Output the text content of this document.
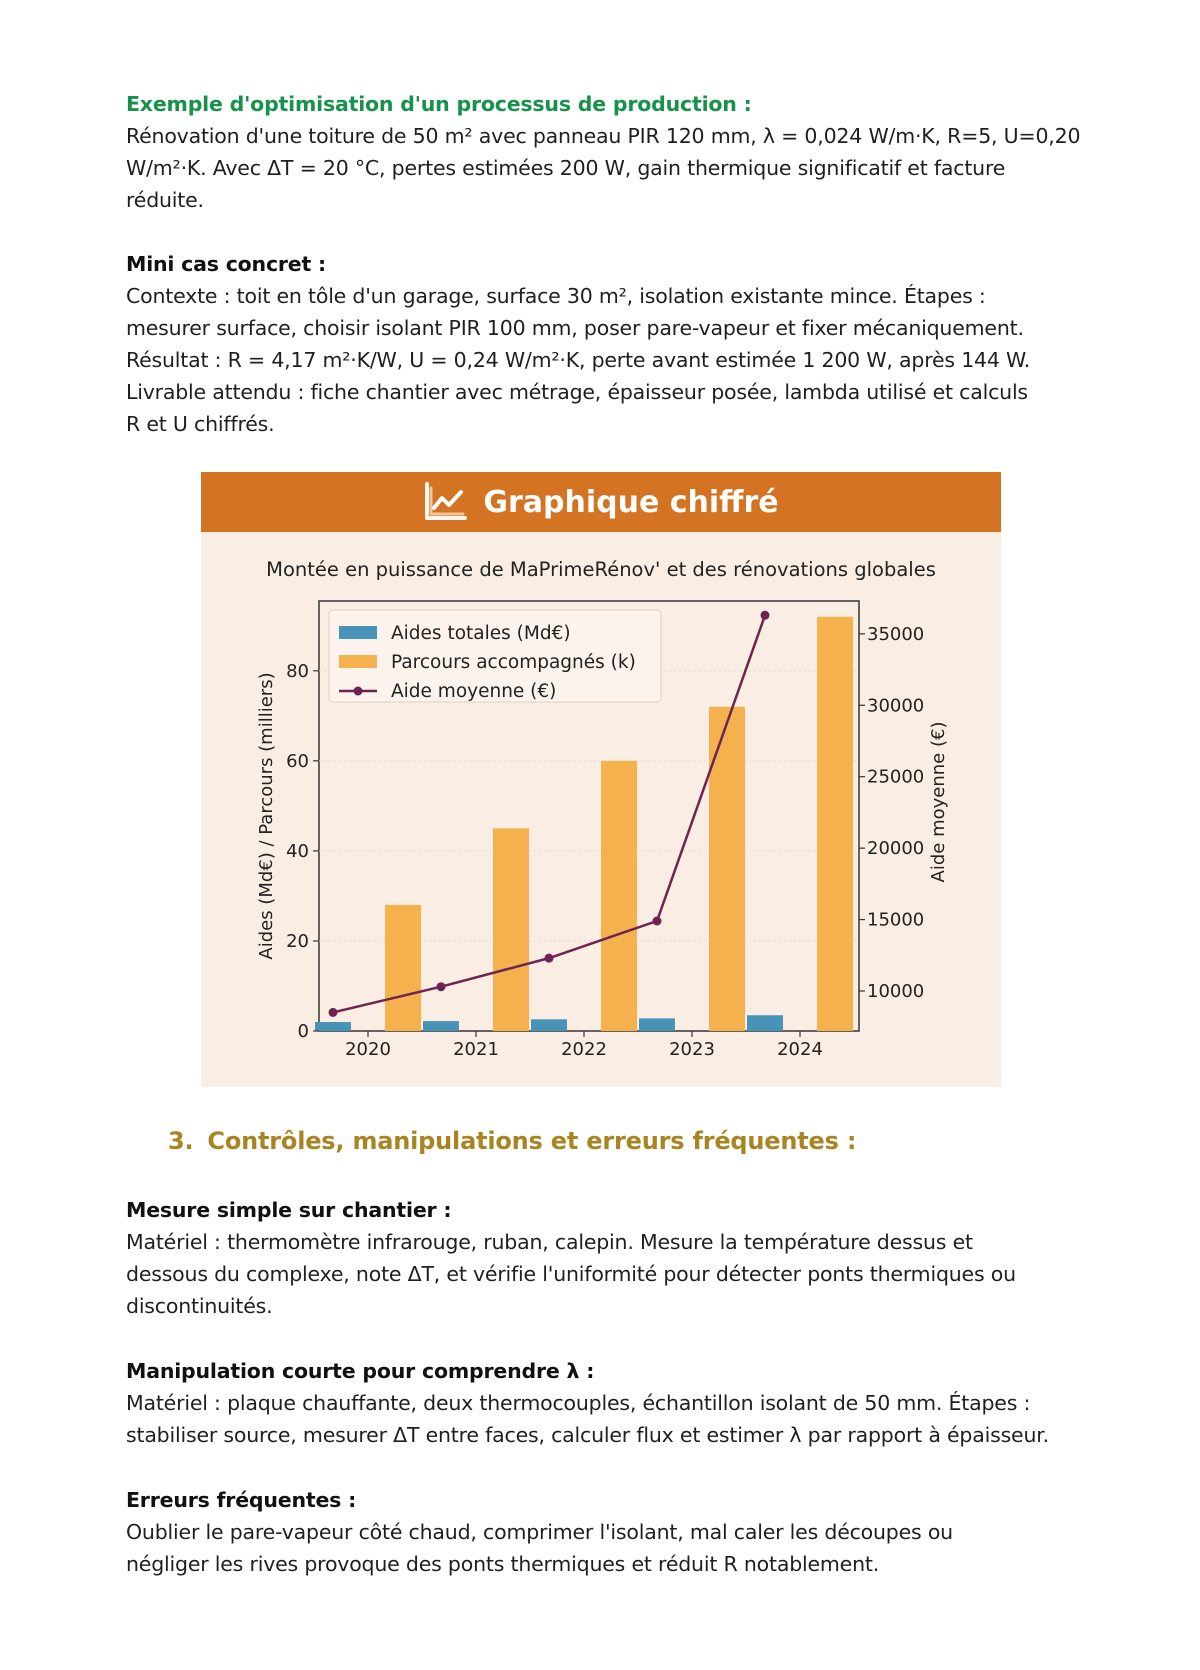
Exemple d'optimisation d'un processus de production :
Rénovation d'une toiture de 50 m² avec panneau PIR 120 mm, λ = 0,024 W/m·K, R=5, U=0,20
W/m²·K. Avec ΔT = 20 °C, pertes estimées 200 W, gain thermique significatif et facture
réduite.
Mini cas concret :
Contexte : toit en tôle d'un garage, surface 30 m², isolation existante mince. Étapes :
mesurer surface, choisir isolant PIR 100 mm, poser pare-vapeur et fixer mécaniquement.
Résultat : R = 4,17 m²·K/W, U = 0,24 W/m²·K, perte avant estimée 1 200 W, après 144 W.
Livrable attendu : fiche chantier avec métrage, épaisseur posée, lambda utilisé et calculs
R et U chiffrés.
Graphique chiffré
Montée en puissance de MaPrimeRénov' et des rénovations globales
0
20
40
60
80
10000
15000
20000
25000
30000
35000
2020	2021	2022	2023	2024
Aides (Md€) / Parcours (milliers)	Aide moyenne (€)
Aides totales (Md€)
Parcours accompagnés (k)
Aide moyenne (€)
3. Contrôles, manipulations et erreurs fréquentes :
Mesure simple sur chantier :
Matériel : thermomètre infrarouge, ruban, calepin. Mesure la température dessus et
dessous du complexe, note ΔT, et vérifie l'uniformité pour détecter ponts thermiques ou
discontinuités.
Manipulation courte pour comprendre λ :
Matériel : plaque chauffante, deux thermocouples, échantillon isolant de 50 mm. Étapes :
stabiliser source, mesurer ΔT entre faces, calculer flux et estimer λ par rapport à épaisseur.
Erreurs fréquentes :
Oublier le pare-vapeur côté chaud, comprimer l'isolant, mal caler les découpes ou
négliger les rives provoque des ponts thermiques et réduit R notablement.
